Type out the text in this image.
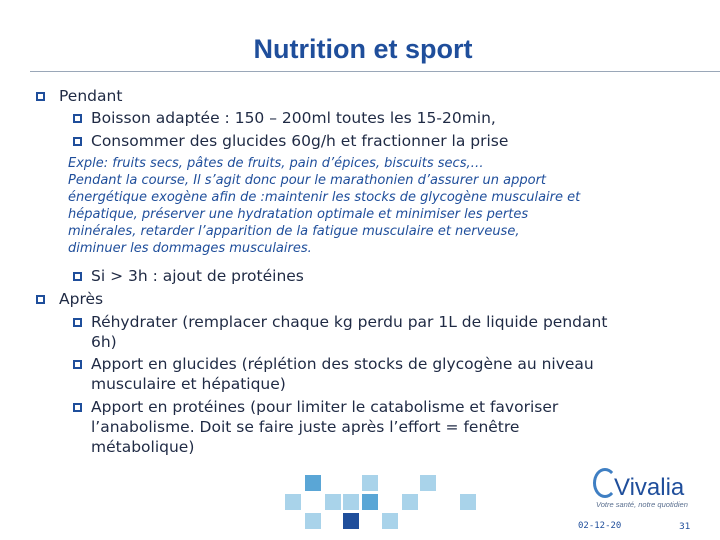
Nutrition et sport
Pendant
Boisson adaptée : 150 – 200ml toutes les 15-20min,
Consommer des glucides 60g/h et fractionner la prise

Exple: fruits secs, pâtes de fruits, pain d’épices, biscuits secs,…

Pendant la course, Il s’agit donc pour le marathonien d’assurer un apport

énergétique exogène afin de :maintenir les stocks de glycogène musculaire et

hépatique, préserver une hydratation optimale et minimiser les pertes

minérales, retarder l’apparition de la fatigue musculaire et nerveuse,

diminuer les dommages musculaires.

Si > 3h : ajout de protéines
Après
Réhydrater (remplacer chaque kg perdu par 1L de liquide pendant
6h)
Apport en glucides (réplétion des stocks de glycogène au niveau
musculaire et hépatique)
Apport en protéines (pour limiter le catabolisme et favoriser
l’anabolisme. Doit se faire juste après l’effort = fenêtre
métabolique)
Vivalia
Votre santé, notre quotidien
02-12-20	31
